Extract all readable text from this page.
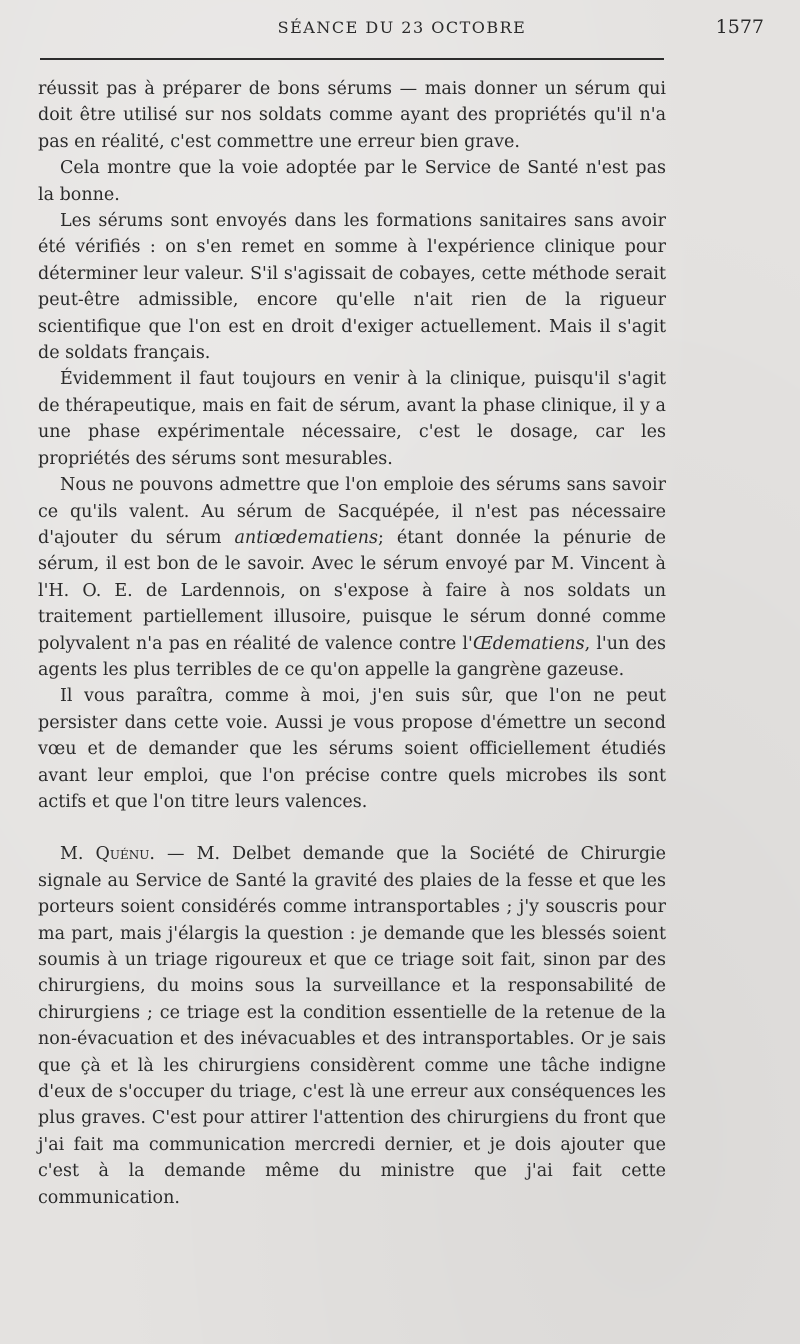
SÉANCE DU 23 OCTOBRE	1577

réussit pas à préparer de bons sérums — mais donner un sérum qui doit être utilisé sur nos soldats comme ayant des propriétés qu'il n'a pas en réalité, c'est commettre une erreur bien grave.

Cela montre que la voie adoptée par le Service de Santé n'est pas la bonne.

Les sérums sont envoyés dans les formations sanitaires sans avoir été vérifiés : on s'en remet en somme à l'expérience clinique pour déterminer leur valeur. S'il s'agissait de cobayes, cette méthode serait peut-être admissible, encore qu'elle n'ait rien de la rigueur scientifique que l'on est en droit d'exiger actuellement. Mais il s'agit de soldats français.

Évidemment il faut toujours en venir à la clinique, puisqu'il s'agit de thérapeutique, mais en fait de sérum, avant la phase clinique, il y a une phase expérimentale nécessaire, c'est le dosage, car les propriétés des sérums sont mesurables.

Nous ne pouvons admettre que l'on emploie des sérums sans savoir ce qu'ils valent. Au sérum de Sacquépée, il n'est pas nécessaire d'ajouter du sérum antiœdematiens; étant donnée la pénurie de sérum, il est bon de le savoir. Avec le sérum envoyé par M. Vincent à l'H. O. E. de Lardennois, on s'expose à faire à nos soldats un traitement partiellement illusoire, puisque le sérum donné comme polyvalent n'a pas en réalité de valence contre l'Œdematiens, l'un des agents les plus terribles de ce qu'on appelle la gangrène gazeuse.

Il vous paraîtra, comme à moi, j'en suis sûr, que l'on ne peut persister dans cette voie. Aussi je vous propose d'émettre un second vœu et de demander que les sérums soient officiellement étudiés avant leur emploi, que l'on précise contre quels microbes ils sont actifs et que l'on titre leurs valences.

M. Quénu. — M. Delbet demande que la Société de Chirurgie signale au Service de Santé la gravité des plaies de la fesse et que les porteurs soient considérés comme intransportables ; j'y souscris pour ma part, mais j'élargis la question : je demande que les blessés soient soumis à un triage rigoureux et que ce triage soit fait, sinon par des chirurgiens, du moins sous la surveillance et la responsabilité de chirurgiens ; ce triage est la condition essentielle de la retenue de la non-évacuation et des inévacuables et des intransportables. Or je sais que çà et là les chirurgiens considèrent comme une tâche indigne d'eux de s'occuper du triage, c'est là une erreur aux conséquences les plus graves. C'est pour attirer l'attention des chirurgiens du front que j'ai fait ma communication mercredi dernier, et je dois ajouter que c'est à la demande même du ministre que j'ai fait cette communication.
